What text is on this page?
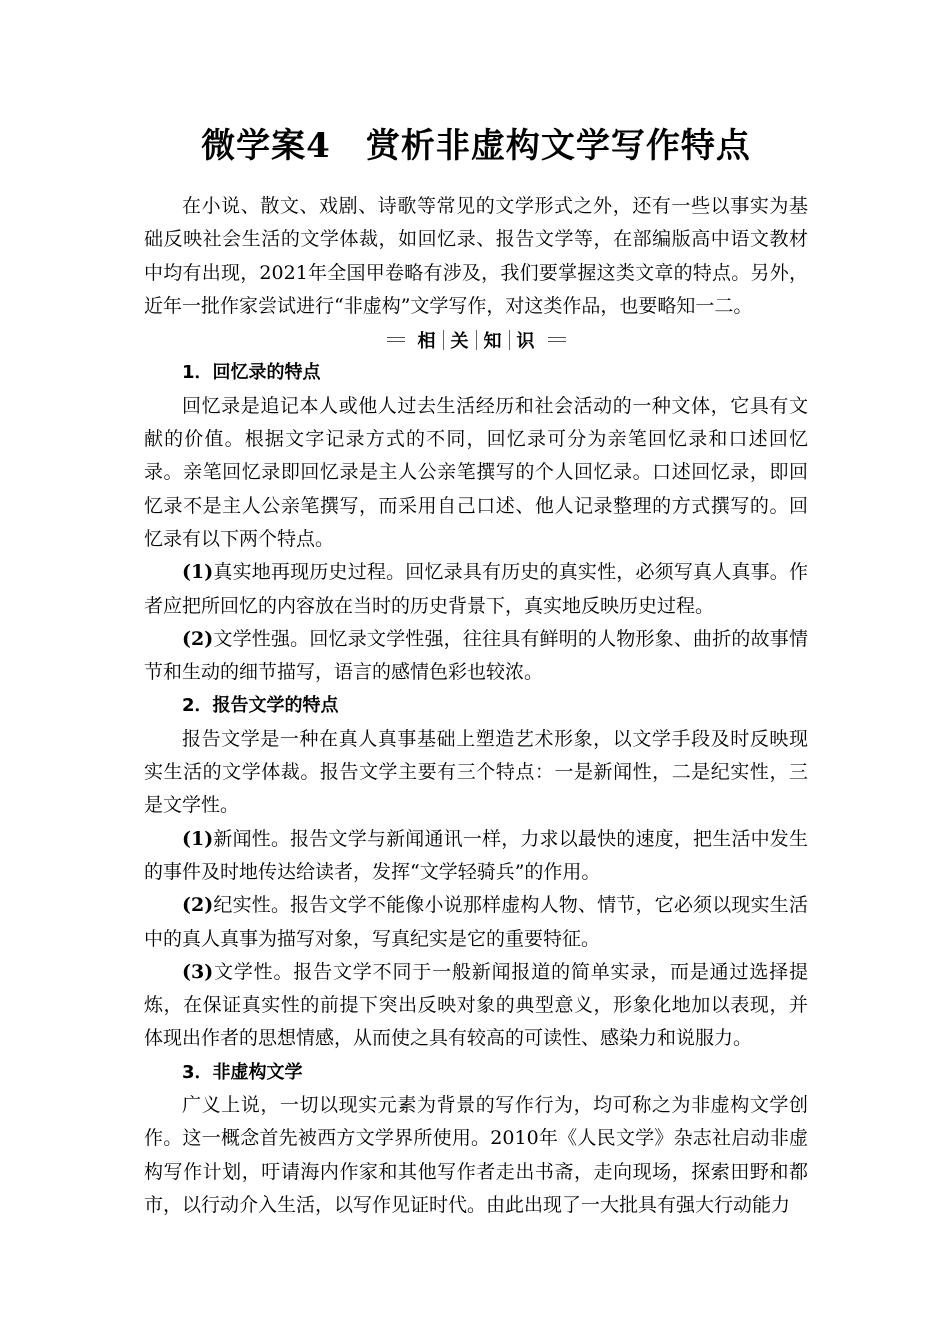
微学案4　赏析非虚构文学写作特点

在小说、散文、戏剧、诗歌等常见的文学形式之外，还有一些以事实为基础反映社会生活的文学体裁，如回忆录、报告文学等，在部编版高中语文教材中均有出现，2021年全国甲卷略有涉及，我们要掌握这类文章的特点。另外，近年一批作家尝试进行“非虚构”文学写作，对这类作品，也要略知一二。

相 关 知 识

1．回忆录的特点

回忆录是追记本人或他人过去生活经历和社会活动的一种文体，它具有文献的价值。根据文字记录方式的不同，回忆录可分为亲笔回忆录和口述回忆录。亲笔回忆录即回忆录是主人公亲笔撰写的个人回忆录。口述回忆录，即回忆录不是主人公亲笔撰写，而采用自己口述、他人记录整理的方式撰写的。回忆录有以下两个特点。

(1)真实地再现历史过程。回忆录具有历史的真实性，必须写真人真事。作者应把所回忆的内容放在当时的历史背景下，真实地反映历史过程。

(2)文学性强。回忆录文学性强，往往具有鲜明的人物形象、曲折的故事情节和生动的细节描写，语言的感情色彩也较浓。

2．报告文学的特点

报告文学是一种在真人真事基础上塑造艺术形象，以文学手段及时反映现实生活的文学体裁。报告文学主要有三个特点：一是新闻性，二是纪实性，三是文学性。

(1)新闻性。报告文学与新闻通讯一样，力求以最快的速度，把生活中发生的事件及时地传达给读者，发挥“文学轻骑兵”的作用。

(2)纪实性。报告文学不能像小说那样虚构人物、情节，它必须以现实生活中的真人真事为描写对象，写真纪实是它的重要特征。

(3)文学性。报告文学不同于一般新闻报道的简单实录，而是通过选择提炼，在保证真实性的前提下突出反映对象的典型意义，形象化地加以表现，并体现出作者的思想情感，从而使之具有较高的可读性、感染力和说服力。

3．非虚构文学

广义上说，一切以现实元素为背景的写作行为，均可称之为非虚构文学创作。这一概念首先被西方文学界所使用。2010年《人民文学》杂志社启动非虚构写作计划，吁请海内作家和其他写作者走出书斋，走向现场，探索田野和都市，以行动介入生活，以写作见证时代。由此出现了一大批具有强大行动能力
